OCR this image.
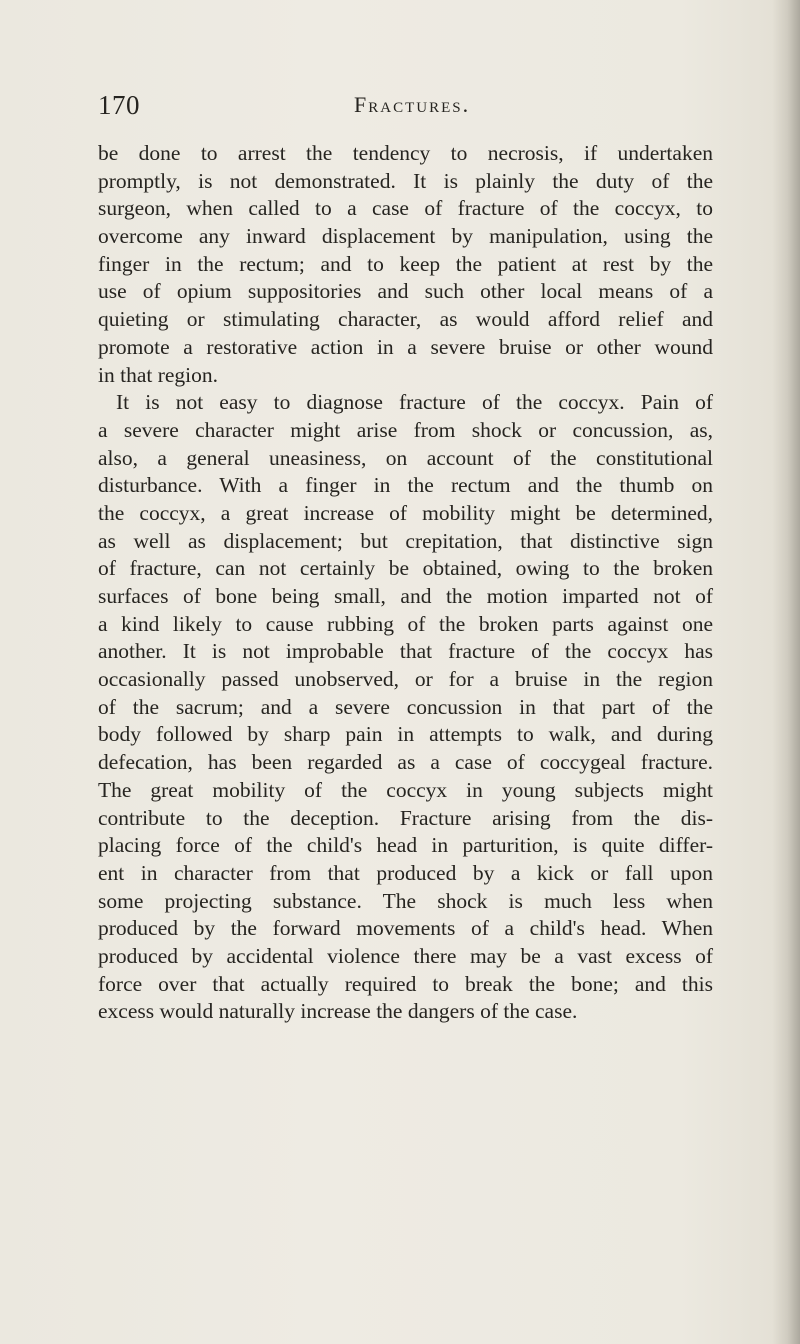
170	Fractures.
be done to arrest the tendency to necrosis, if undertaken
promptly, is not demonstrated. It is plainly the duty of the
surgeon, when called to a case of fracture of the coccyx, to
overcome any inward displacement by manipulation, using the
finger in the rectum; and to keep the patient at rest by the
use of opium suppositories and such other local means of a
quieting or stimulating character, as would afford relief and
promote a restorative action in a severe bruise or other wound
in that region.
It is not easy to diagnose fracture of the coccyx. Pain of
a severe character might arise from shock or concussion, as,
also, a general uneasiness, on account of the constitutional
disturbance. With a finger in the rectum and the thumb on
the coccyx, a great increase of mobility might be determined,
as well as displacement; but crepitation, that distinctive sign
of fracture, can not certainly be obtained, owing to the broken
surfaces of bone being small, and the motion imparted not of
a kind likely to cause rubbing of the broken parts against one
another. It is not improbable that fracture of the coccyx has
occasionally passed unobserved, or for a bruise in the region
of the sacrum; and a severe concussion in that part of the
body followed by sharp pain in attempts to walk, and during
defecation, has been regarded as a case of coccygeal fracture.
The great mobility of the coccyx in young subjects might
contribute to the deception. Fracture arising from the dis-
placing force of the child's head in parturition, is quite differ-
ent in character from that produced by a kick or fall upon
some projecting substance. The shock is much less when
produced by the forward movements of a child's head. When
produced by accidental violence there may be a vast excess of
force over that actually required to break the bone; and this
excess would naturally increase the dangers of the case.
